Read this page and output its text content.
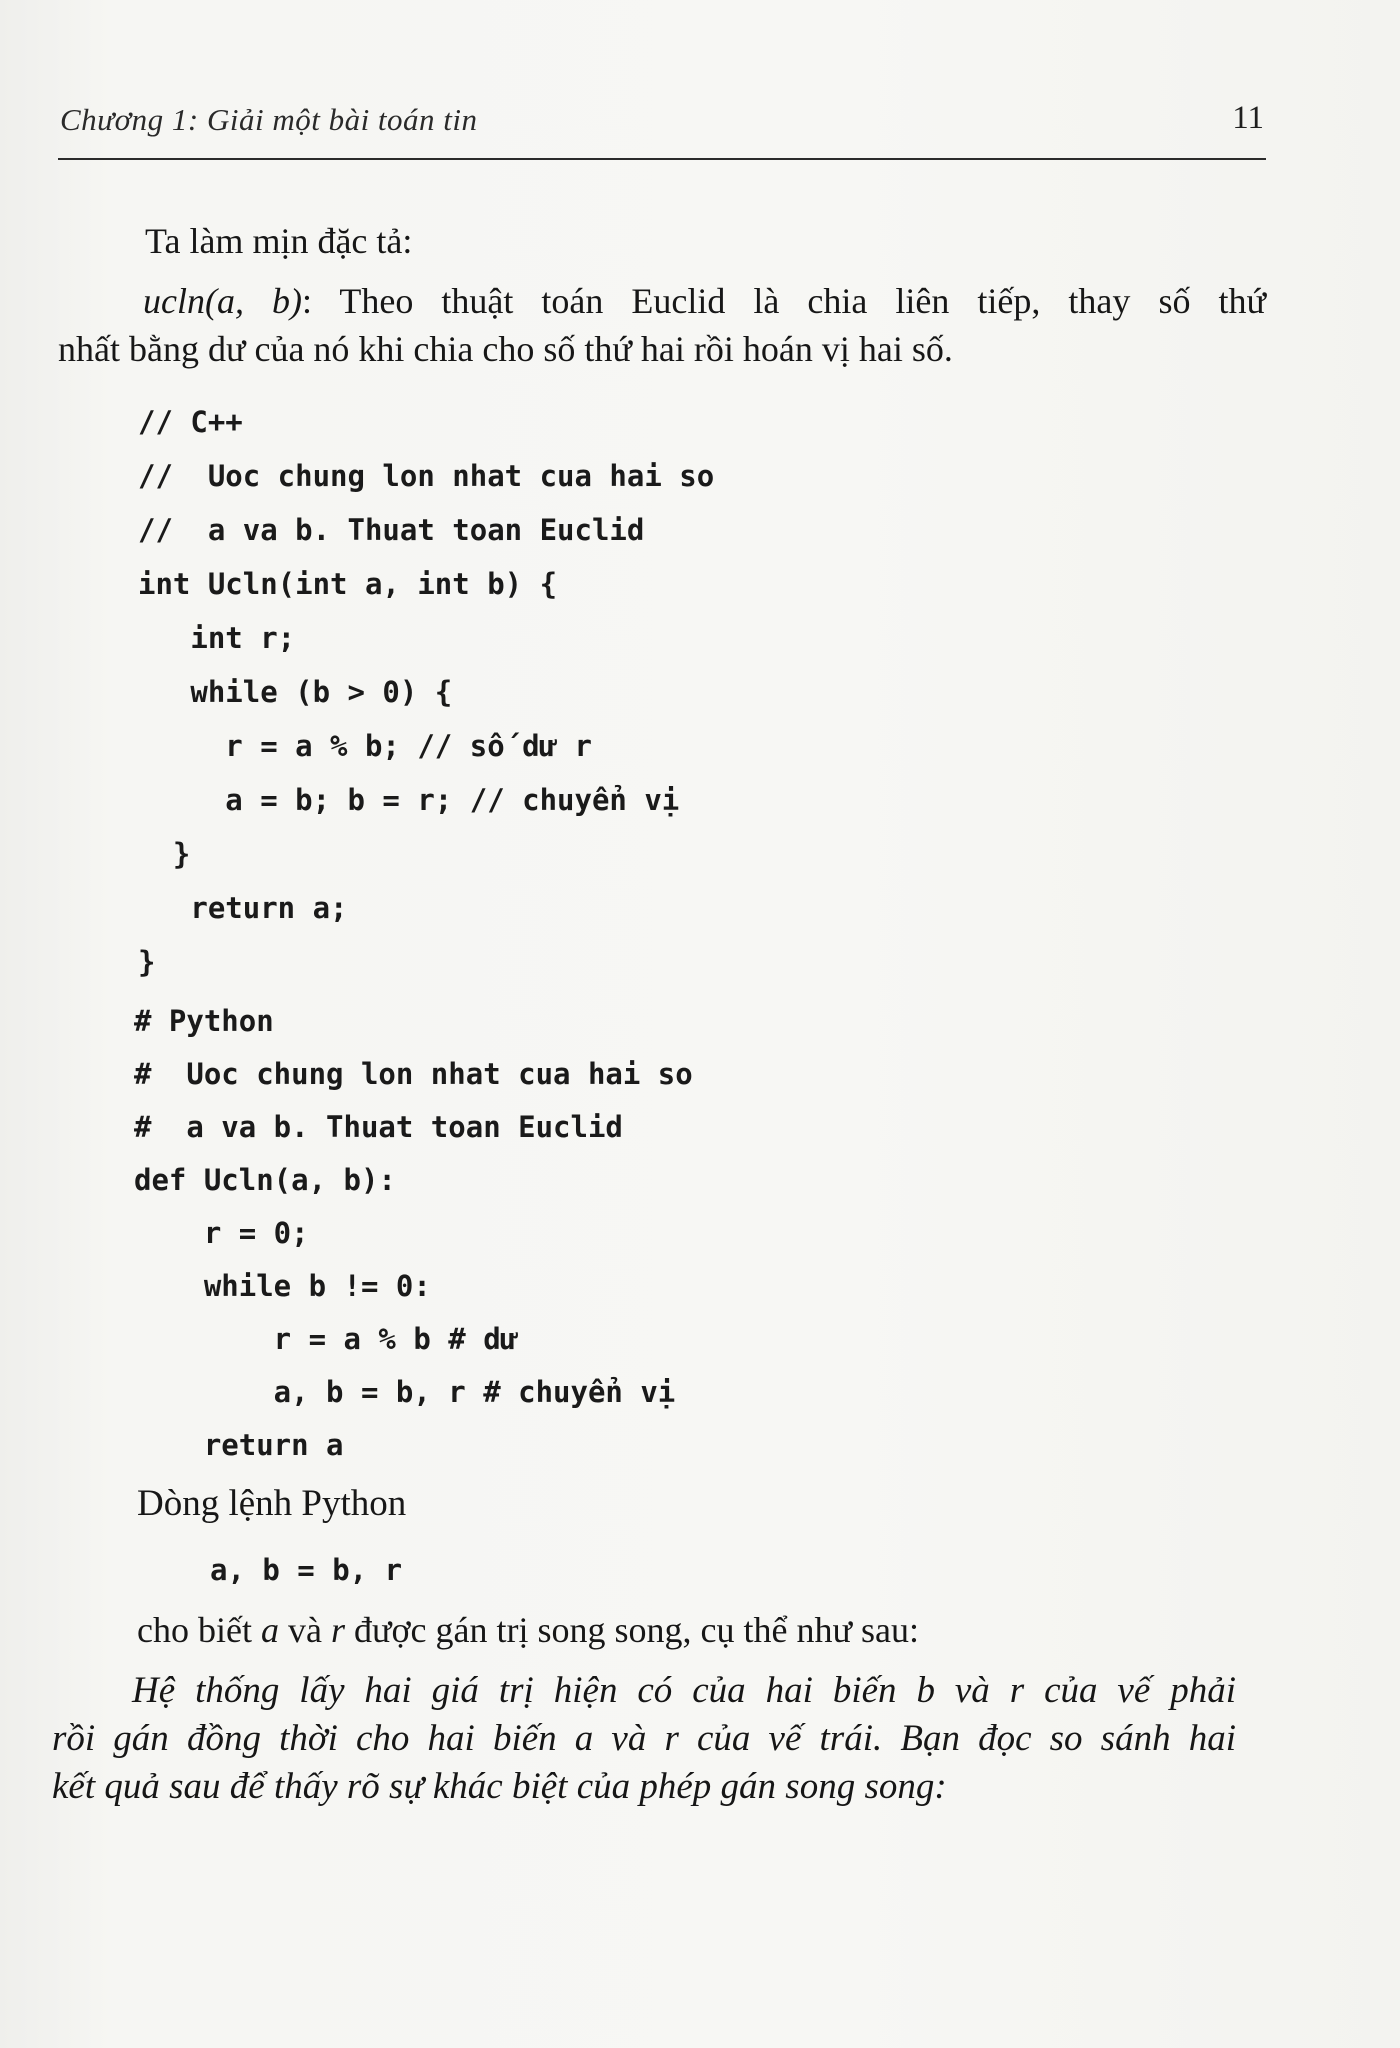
Chương 1: Giải một bài toán tin	11
Ta làm mịn đặc tả:
ucln(a, b): Theo thuật toán Euclid là chia liên tiếp, thay số thứ
nhất bằng dư của nó khi chia cho số thứ hai rồi hoán vị hai số.
// C++
//  Uoc chung lon nhat cua hai so
//  a va b. Thuat toan Euclid
int Ucln(int a, int b) {
int r;
while (b > 0) {
r = a % b; // số dư r
a = b; b = r; // chuyển vị
}
return a;
}
# Python
#  Uoc chung lon nhat cua hai so
#  a va b. Thuat toan Euclid
def Ucln(a, b):
r = 0;
while b != 0:
r = a % b # dư
a, b = b, r # chuyển vị
return a
Dòng lệnh Python
a, b = b, r
cho biết a và r được gán trị song song, cụ thể như sau:
Hệ thống lấy hai giá trị hiện có của hai biến b và r của vế phải
rồi gán đồng thời cho hai biến a và r của vế trái. Bạn đọc so sánh hai
kết quả sau để thấy rõ sự khác biệt của phép gán song song:
